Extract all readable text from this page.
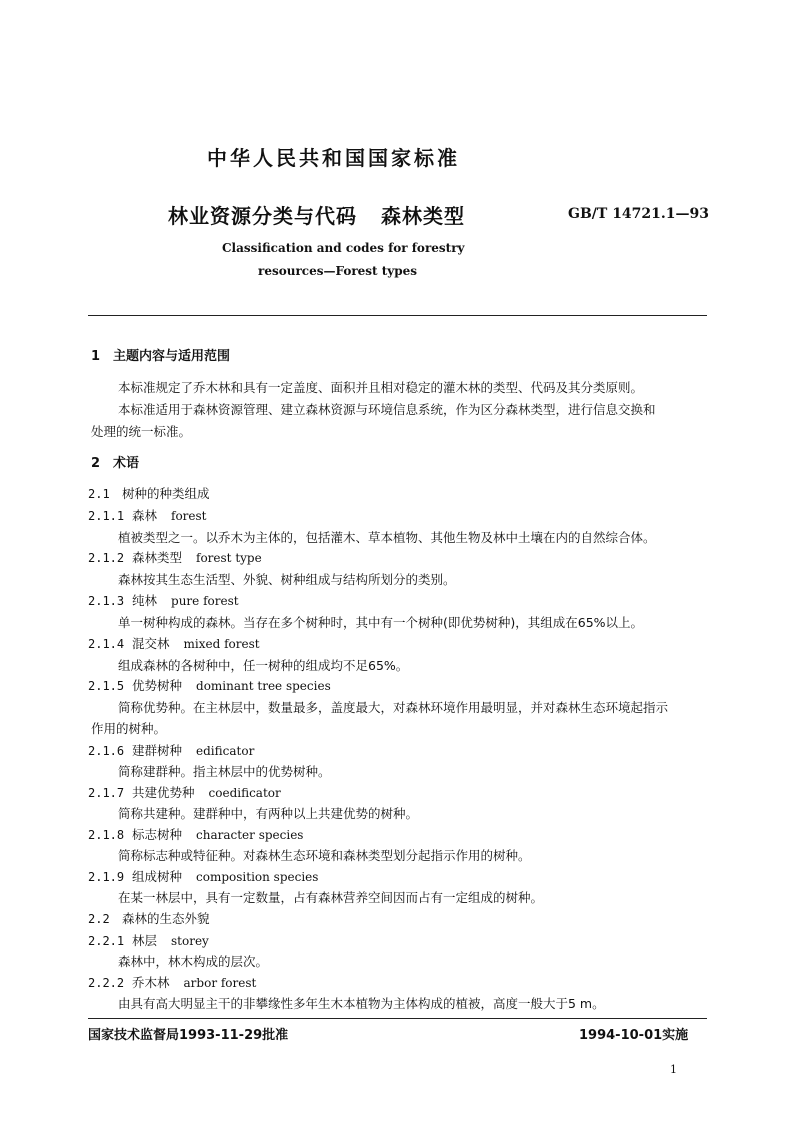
中华人民共和国国家标准
林业资源分类与代码 森林类型	GB/T 14721.1—93
Classification and codes for forestry
resources—Forest types
1 主题内容与适用范围
本标准规定了乔木林和具有一定盖度、面积并且相对稳定的灌木林的类型、代码及其分类原则。
本标准适用于森林资源管理、建立森林资源与环境信息系统，作为区分森林类型，进行信息交换和
处理的统一标准。
2 术语
2.1 树种的种类组成
2.1.1 森林 forest
植被类型之一。以乔木为主体的，包括灌木、草本植物、其他生物及林中土壤在内的自然综合体。
2.1.2 森林类型 forest type
森林按其生态生活型、外貌、树种组成与结构所划分的类别。
2.1.3 纯林 pure forest
单一树种构成的森林。当存在多个树种时，其中有一个树种(即优势树种)，其组成在65%以上。
2.1.4 混交林 mixed forest
组成森林的各树种中，任一树种的组成均不足65%。
2.1.5 优势树种 dominant tree species
简称优势种。在主林层中，数量最多，盖度最大，对森林环境作用最明显，并对森林生态环境起指示
作用的树种。
2.1.6 建群树种 edificator
简称建群种。指主林层中的优势树种。
2.1.7 共建优势种 coedificator
简称共建种。建群种中，有两种以上共建优势的树种。
2.1.8 标志树种 character species
简称标志种或特征种。对森林生态环境和森林类型划分起指示作用的树种。
2.1.9 组成树种 composition species
在某一林层中，具有一定数量，占有森林营养空间因而占有一定组成的树种。
2.2 森林的生态外貌
2.2.1 林层 storey
森林中，林木构成的层次。
2.2.2 乔木林 arbor forest
由具有高大明显主干的非攀缘性多年生木本植物为主体构成的植被，高度一般大于5 m。
国家技术监督局1993-11-29批准	1994-10-01实施
1
